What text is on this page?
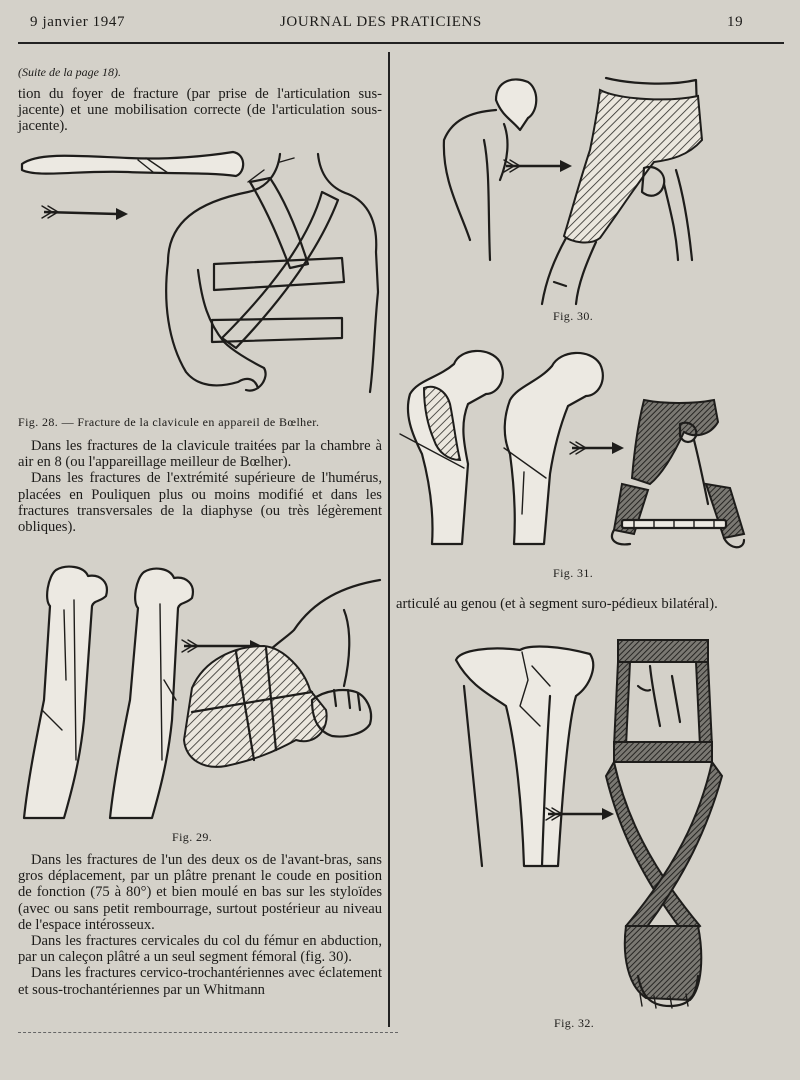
9 janvier 1947	JOURNAL DES PRATICIENS	19
(Suite de la page 18).
tion du foyer de fracture (par prise de l'articulation sus-jacente) et une mobilisation correcte (de l'articulation sous-jacente).
Fig. 28. — Fracture de la clavicule en appareil de Bœlher.

Dans les fractures de la clavicule traitées par la chambre à air en 8 (ou l'appareillage meilleur de Bœlher).

Dans les fractures de l'extrémité supérieure de l'humérus, placées en Pouliquen plus ou moins modifié et dans les fractures transversales de la diaphyse (ou très légèrement obliques).

Fig. 29.

Dans les fractures de l'un des deux os de l'avant-bras, sans gros déplacement, par un plâtre prenant le coude en position de fonction (75 à 80°) et bien moulé en bas sur les styloïdes (avec ou sans petit rembourrage, surtout postérieur au niveau de l'espace intérosseux.

Dans les fractures cervicales du col du fémur en abduction, par un caleçon plâtré a un seul segment fémoral (fig. 30).

Dans les fractures cervico-trochantériennes avec éclatement et sous-trochantériennes par un Whitmann

Fig. 30.
Fig. 31.
articulé au genou (et à segment suro-pédieux bilatéral).
Fig. 32.
